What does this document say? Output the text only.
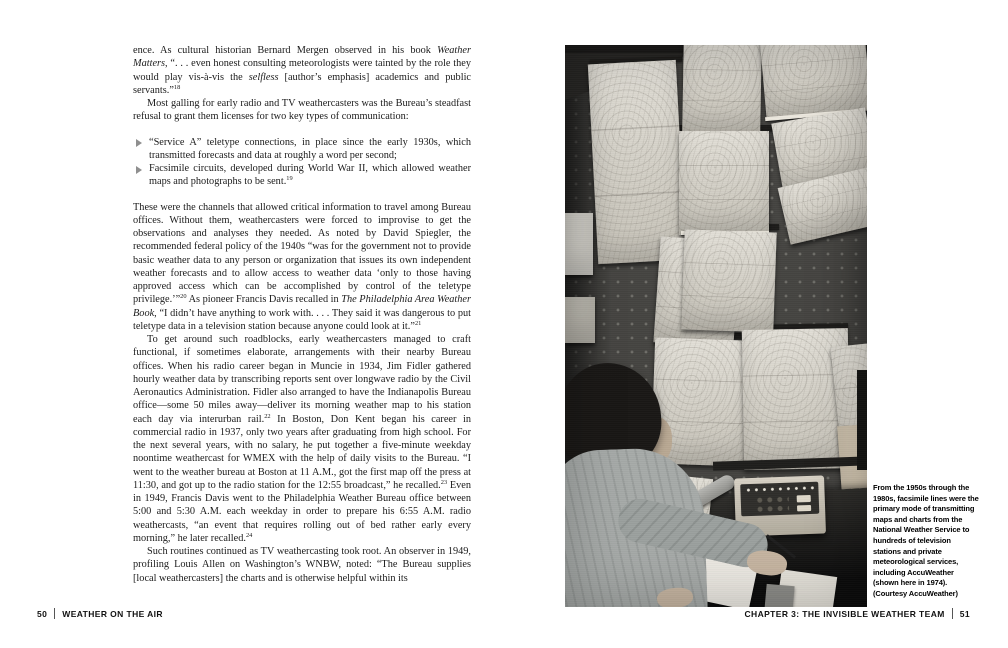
ence. As cultural historian Bernard Mergen observed in his book Weather Matters, “. . . even honest consulting meteorologists were tainted by the role they would play vis-à-vis the selfless [author’s emphasis] academics and public servants.”$^{18}$

Most galling for early radio and TV weathercasters was the Bureau’s steadfast refusal to grant them licenses for two key types of communication:

“Service A” teletype connections, in place since the early 1930s, which transmitted forecasts and data at roughly a word per second;
Facsimile circuits, developed during World War II, which allowed weather maps and photographs to be sent.$^{19}$

These were the channels that allowed critical information to travel among Bureau offices. Without them, weathercasters were forced to improvise to get the observations and analyses they needed. As noted by David Spiegler, the recommended federal policy of the 1940s “was for the government not to provide basic weather data to any person or organization that issues its own independent weather forecasts and to allow access to weather data ‘only to those having approved access which can be accomplished by control of the teletype privilege.’”$^{20}$ As pioneer Francis Davis recalled in The Philadelphia Area Weather Book, “I didn’t have anything to work with. . . . They said it was dangerous to put teletype data in a television station because anyone could look at it.”$^{21}$

To get around such roadblocks, early weathercasters managed to craft functional, if sometimes elaborate, arrangements with their nearby Bureau offices. When his radio career began in Muncie in 1934, Jim Fidler gathered hourly weather data by transcribing reports sent over longwave radio by the Civil Aeronautics Administration. Fidler also arranged to have the Indianapolis Bureau office—some 50 miles away—deliver its morning weather map to his station each day via interurban rail.$^{22}$ In Boston, Don Kent began his career in commercial radio in 1937, only two years after graduating from high school. For the next several years, with no salary, he put together a five-minute weekday noontime weathercast for WMEX with the help of daily visits to the Bureau. “I went to the weather bureau at Boston at 11 A.M., got the first map off the press at 11:30, and got up to the radio station for the 12:55 broadcast,” he recalled.$^{23}$ Even in 1949, Francis Davis went to the Philadelphia Weather Bureau office between 5:00 and 5:30 A.M. each weekday in order to prepare his 6:55 A.M. radio weathercasts, “an event that requires rolling out of bed rather early every morning,” he later recalled.$^{24}$

Such routines continued as TV weathercasting took root. An observer in 1949, profiling Louis Allen on Washington’s WNBW, noted: “The Bureau supplies [local weathercasters] the charts and is otherwise helpful within its

From the 1950s through the 1980s, facsimile lines were the primary mode of transmitting maps and charts from the National Weather Service to hundreds of television stations and private meteorological services, including AccuWeather (shown here in 1974). (Courtesy AccuWeather)
50 WEATHER ON THE AIR	CHAPTER 3: THE INVISIBLE WEATHER TEAM 51
